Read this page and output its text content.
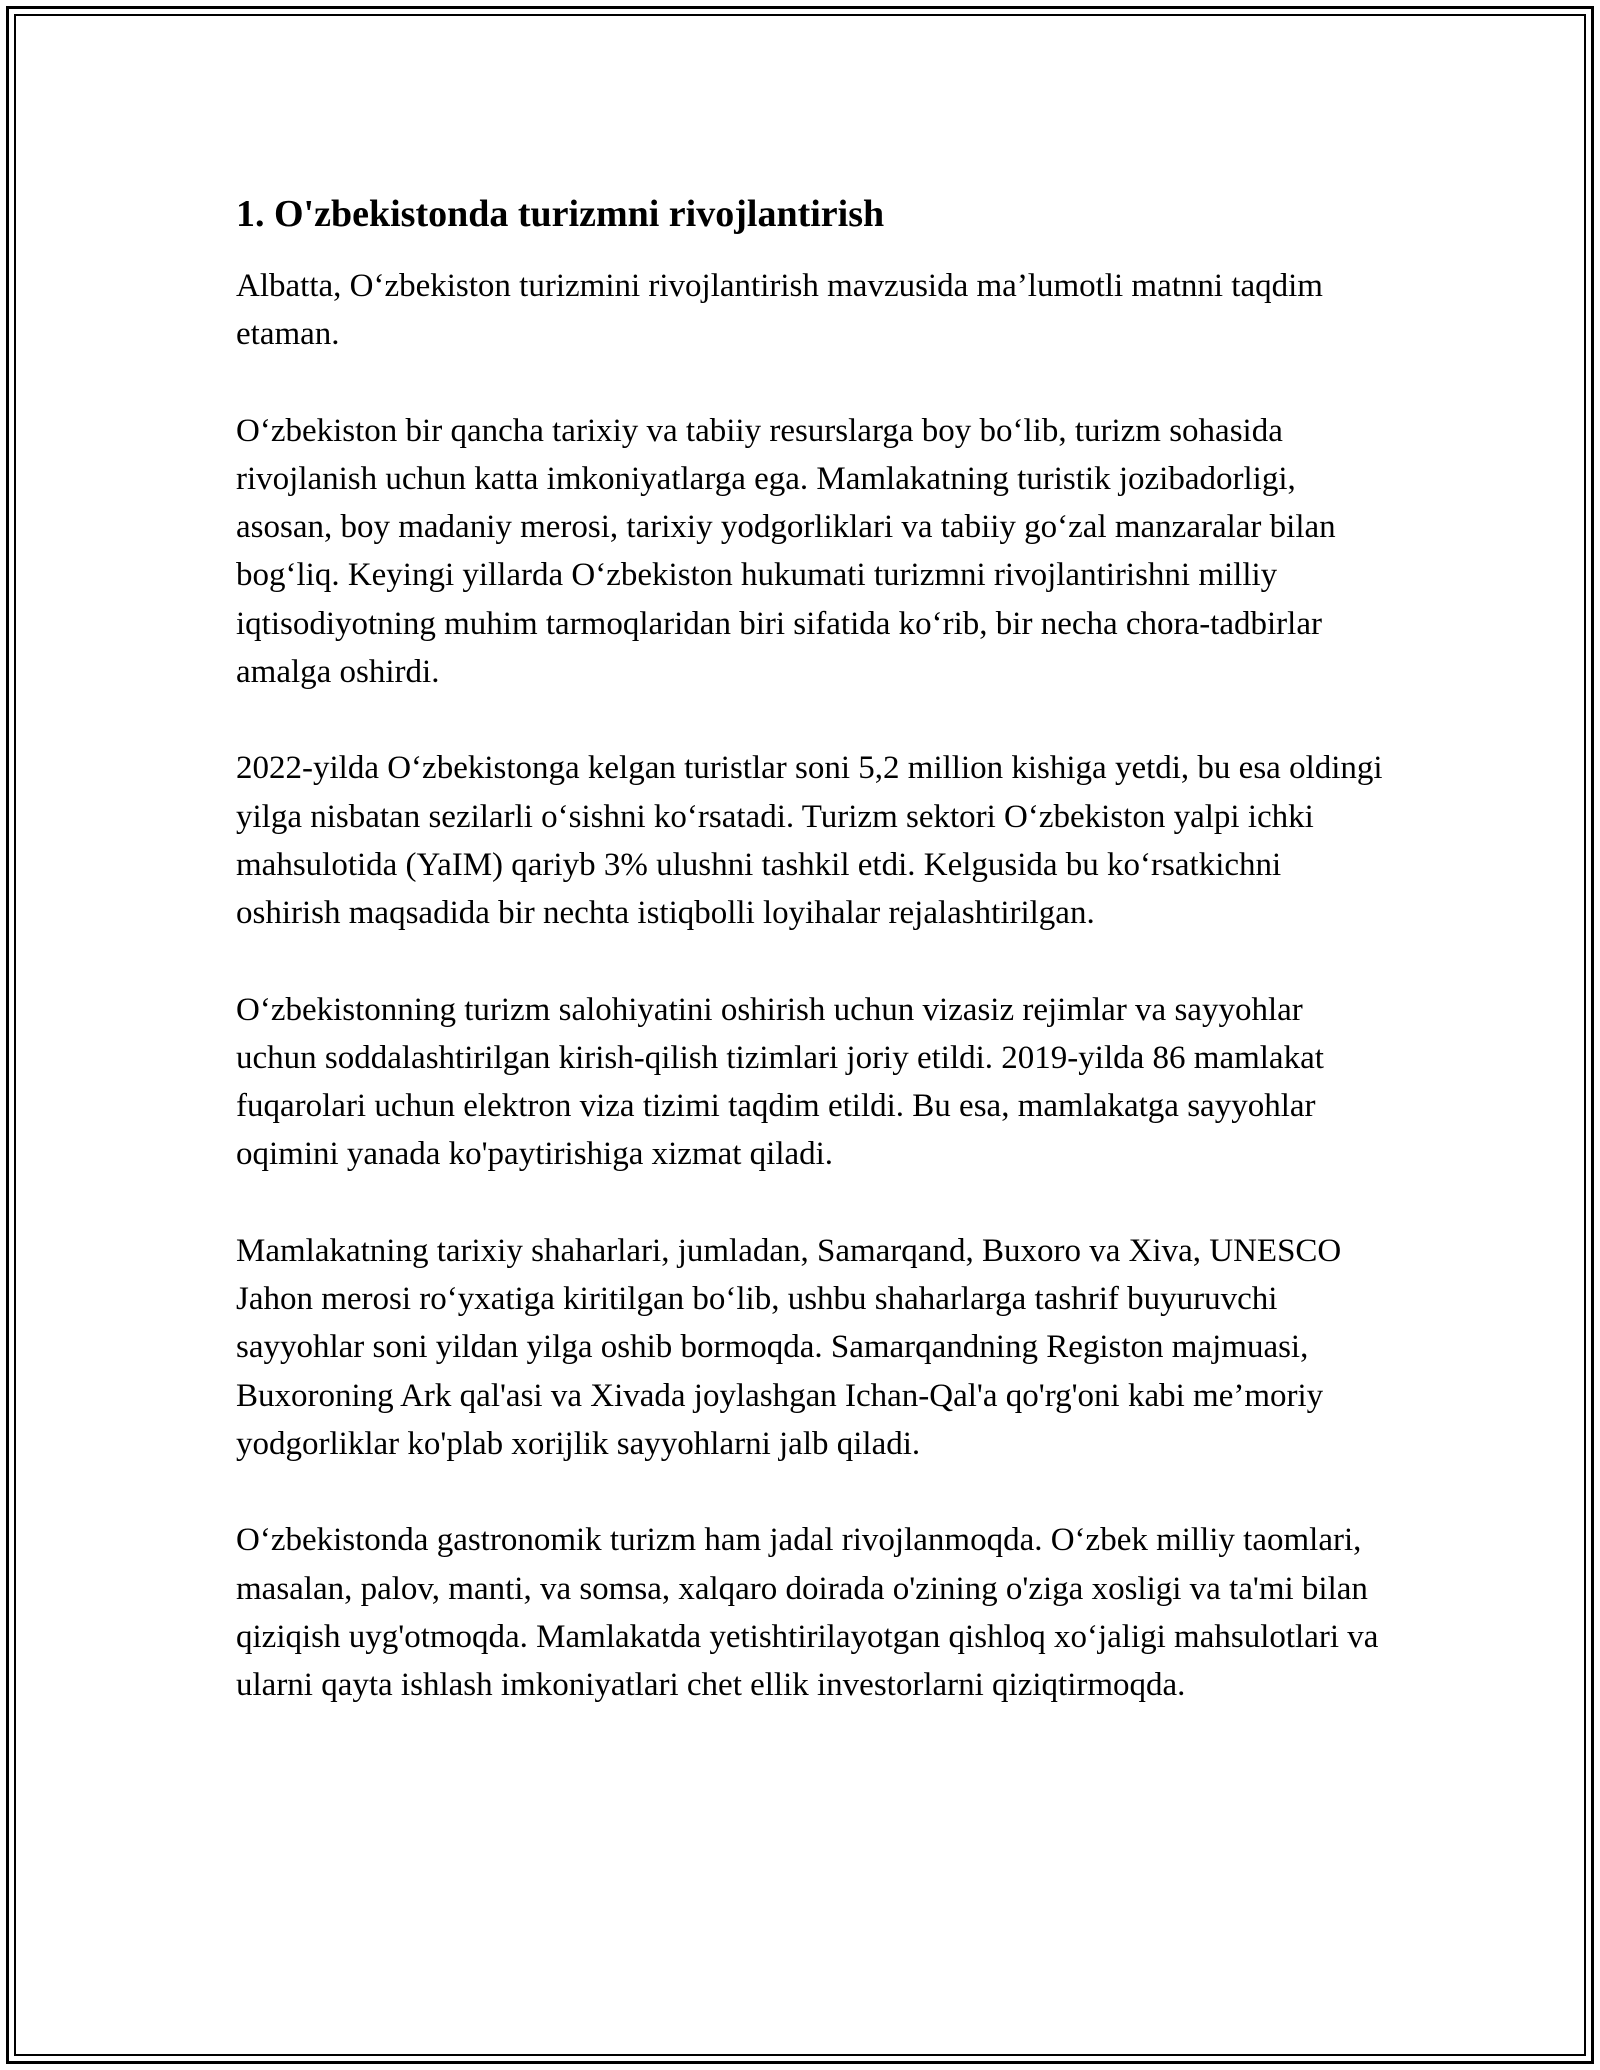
1. O'zbekistonda turizmni rivojlantirish

Albatta, O‘zbekiston turizmini rivojlantirish mavzusida ma’lumotli matnni taqdim etaman.

O‘zbekiston bir qancha tarixiy va tabiiy resurslarga boy bo‘lib, turizm sohasida rivojlanish uchun katta imkoniyatlarga ega. Mamlakatning turistik jozibadorligi, asosan, boy madaniy merosi, tarixiy yodgorliklari va tabiiy go‘zal manzaralar bilan bog‘liq. Keyingi yillarda O‘zbekiston hukumati turizmni rivojlantirishni milliy iqtisodiyotning muhim tarmoqlaridan biri sifatida ko‘rib, bir necha chora-tadbirlar amalga oshirdi.

2022-yilda O‘zbekistonga kelgan turistlar soni 5,2 million kishiga yetdi, bu esa oldingi yilga nisbatan sezilarli o‘sishni ko‘rsatadi. Turizm sektori O‘zbekiston yalpi ichki mahsulotida (YaIM) qariyb 3% ulushni tashkil etdi. Kelgusida bu ko‘rsatkichni oshirish maqsadida bir nechta istiqbolli loyihalar rejalashtirilgan.

O‘zbekistonning turizm salohiyatini oshirish uchun vizasiz rejimlar va sayyohlar uchun soddalashtirilgan kirish-qilish tizimlari joriy etildi. 2019-yilda 86 mamlakat fuqarolari uchun elektron viza tizimi taqdim etildi. Bu esa, mamlakatga sayyohlar oqimini yanada ko'paytirishiga xizmat qiladi.

Mamlakatning tarixiy shaharlari, jumladan, Samarqand, Buxoro va Xiva, UNESCO Jahon merosi ro‘yxatiga kiritilgan bo‘lib, ushbu shaharlarga tashrif buyuruvchi sayyohlar soni yildan yilga oshib bormoqda. Samarqandning Registon majmuasi, Buxoroning Ark qal'asi va Xivada joylashgan Ichan-Qal'a qo'rg'oni kabi me’moriy yodgorliklar ko'plab xorijlik sayyohlarni jalb qiladi.

O‘zbekistonda gastronomik turizm ham jadal rivojlanmoqda. O‘zbek milliy taomlari, masalan, palov, manti, va somsa, xalqaro doirada o'zining o'ziga xosligi va ta'mi bilan qiziqish uyg'otmoqda. Mamlakatda yetishtirilayotgan qishloq xo‘jaligi mahsulotlari va ularni qayta ishlash imkoniyatlari chet ellik investorlarni qiziqtirmoqda.
